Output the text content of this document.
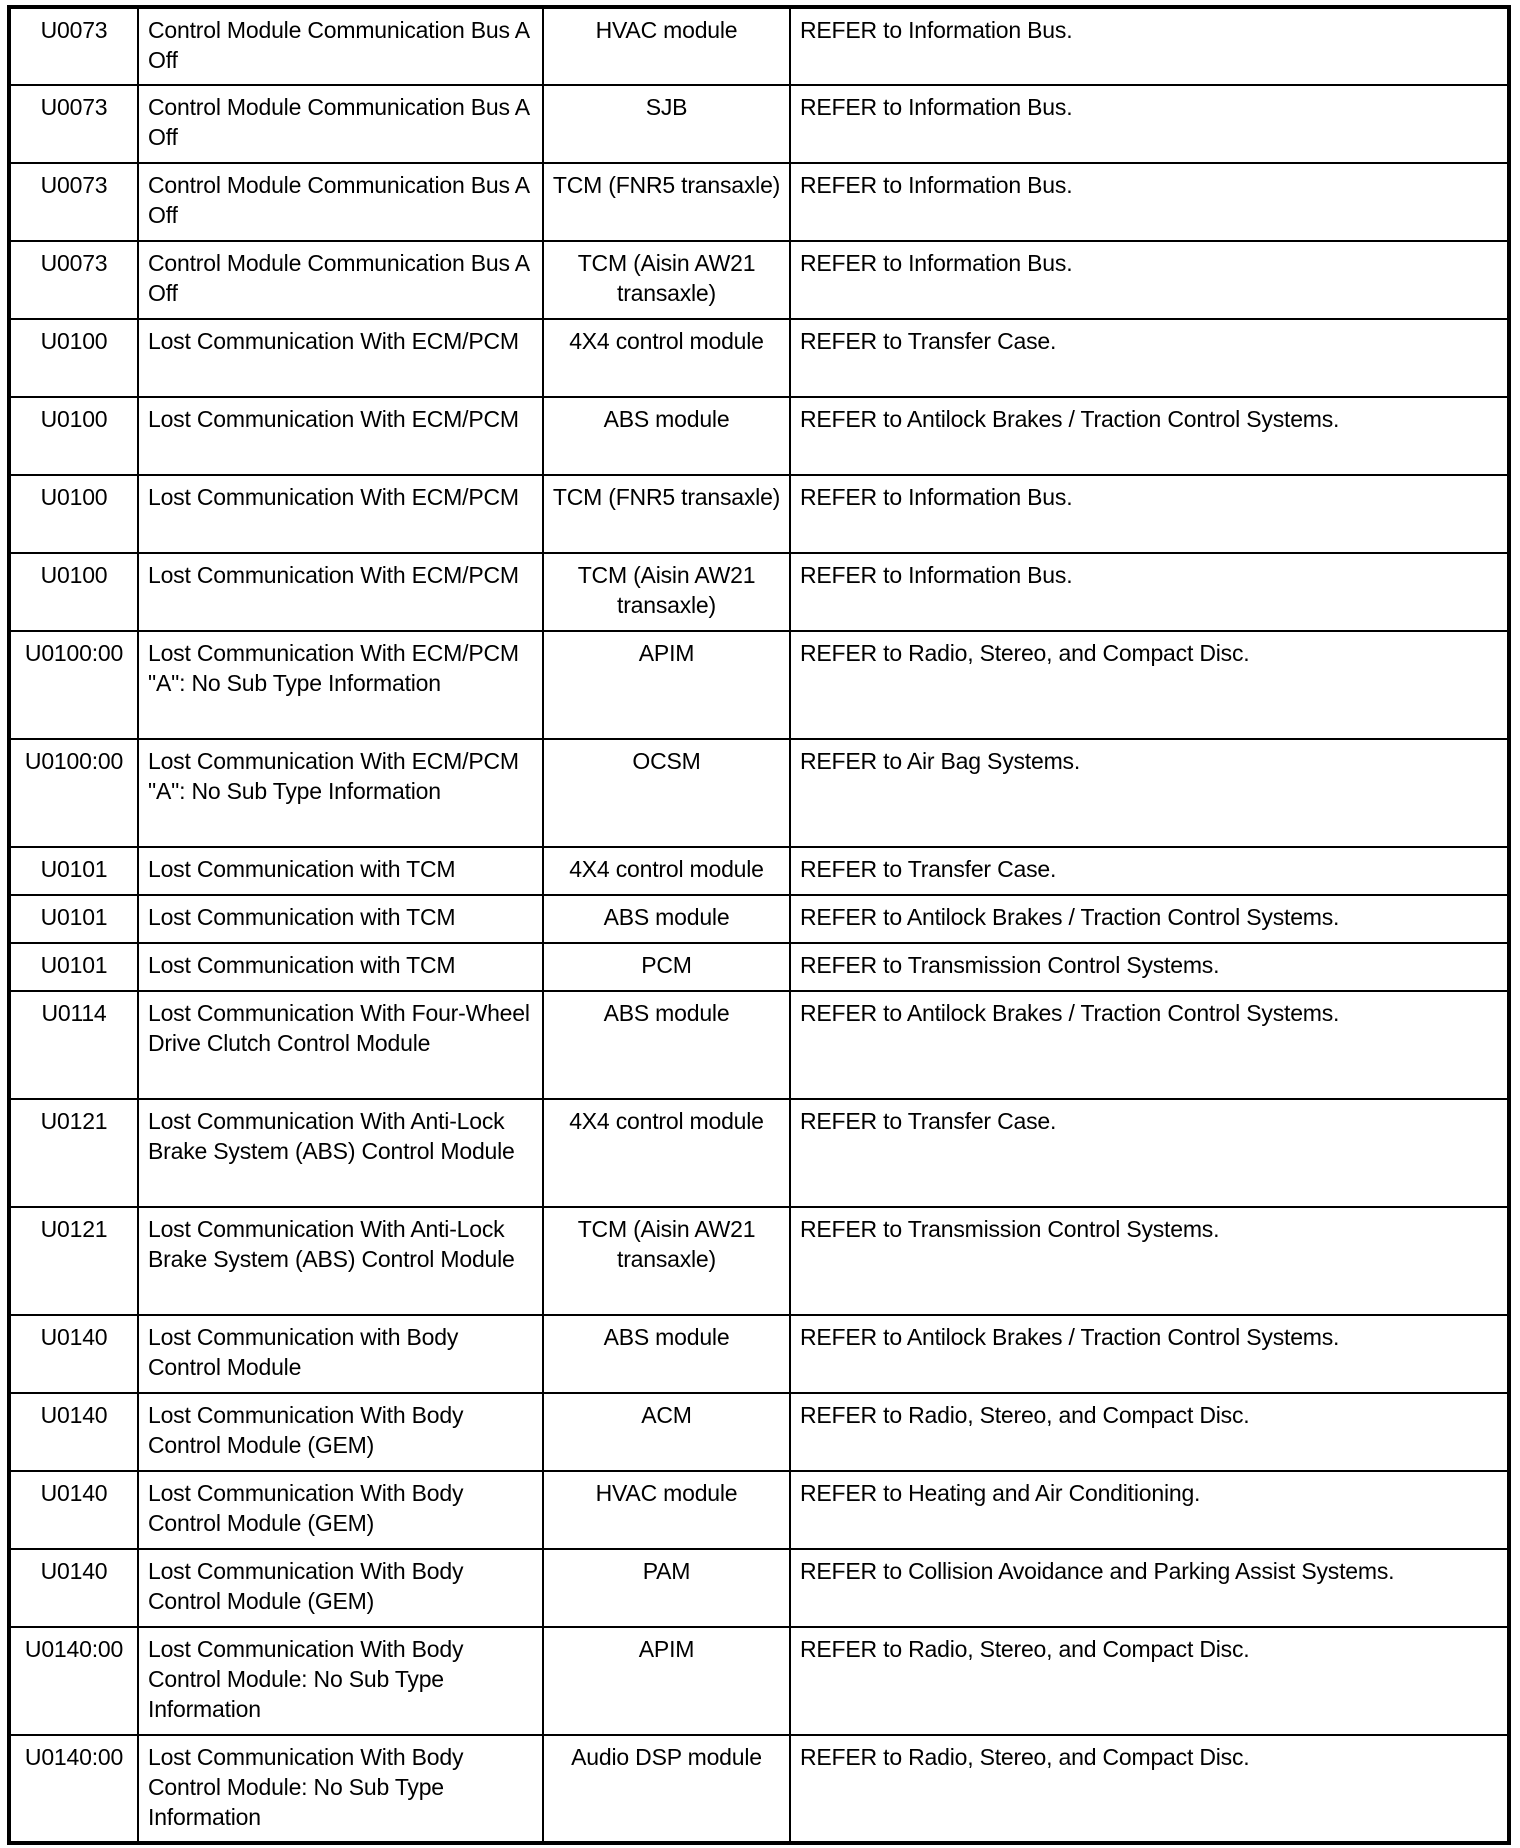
U0073	Control Module Communication Bus A Off	HVAC module	REFER to Information Bus.
U0073	Control Module Communication Bus A Off	SJB	REFER to Information Bus.
U0073	Control Module Communication Bus A Off	TCM (FNR5 transaxle)	REFER to Information Bus.
U0073	Control Module Communication Bus A Off	TCM (Aisin AW21 transaxle)	REFER to Information Bus.
U0100	Lost Communication With ECM/PCM	4X4 control module	REFER to Transfer Case.
U0100	Lost Communication With ECM/PCM	ABS module	REFER to Antilock Brakes / Traction Control Systems.
U0100	Lost Communication With ECM/PCM	TCM (FNR5 transaxle)	REFER to Information Bus.
U0100	Lost Communication With ECM/PCM	TCM (Aisin AW21 transaxle)	REFER to Information Bus.
U0100:00	Lost Communication With ECM/PCM "A": No Sub Type Information	APIM	REFER to Radio, Stereo, and Compact Disc.
U0100:00	Lost Communication With ECM/PCM "A": No Sub Type Information	OCSM	REFER to Air Bag Systems.
U0101	Lost Communication with TCM	4X4 control module	REFER to Transfer Case.
U0101	Lost Communication with TCM	ABS module	REFER to Antilock Brakes / Traction Control Systems.
U0101	Lost Communication with TCM	PCM	REFER to Transmission Control Systems.
U0114	Lost Communication With Four-Wheel Drive Clutch Control Module	ABS module	REFER to Antilock Brakes / Traction Control Systems.
U0121	Lost Communication With Anti-Lock Brake System (ABS) Control Module	4X4 control module	REFER to Transfer Case.
U0121	Lost Communication With Anti-Lock Brake System (ABS) Control Module	TCM (Aisin AW21 transaxle)	REFER to Transmission Control Systems.
U0140	Lost Communication with Body Control Module	ABS module	REFER to Antilock Brakes / Traction Control Systems.
U0140	Lost Communication With Body Control Module (GEM)	ACM	REFER to Radio, Stereo, and Compact Disc.
U0140	Lost Communication With Body Control Module (GEM)	HVAC module	REFER to Heating and Air Conditioning.
U0140	Lost Communication With Body Control Module (GEM)	PAM	REFER to Collision Avoidance and Parking Assist Systems.
U0140:00	Lost Communication With Body Control Module: No Sub Type Information	APIM	REFER to Radio, Stereo, and Compact Disc.
U0140:00	Lost Communication With Body Control Module: No Sub Type Information	Audio DSP module	REFER to Radio, Stereo, and Compact Disc.
